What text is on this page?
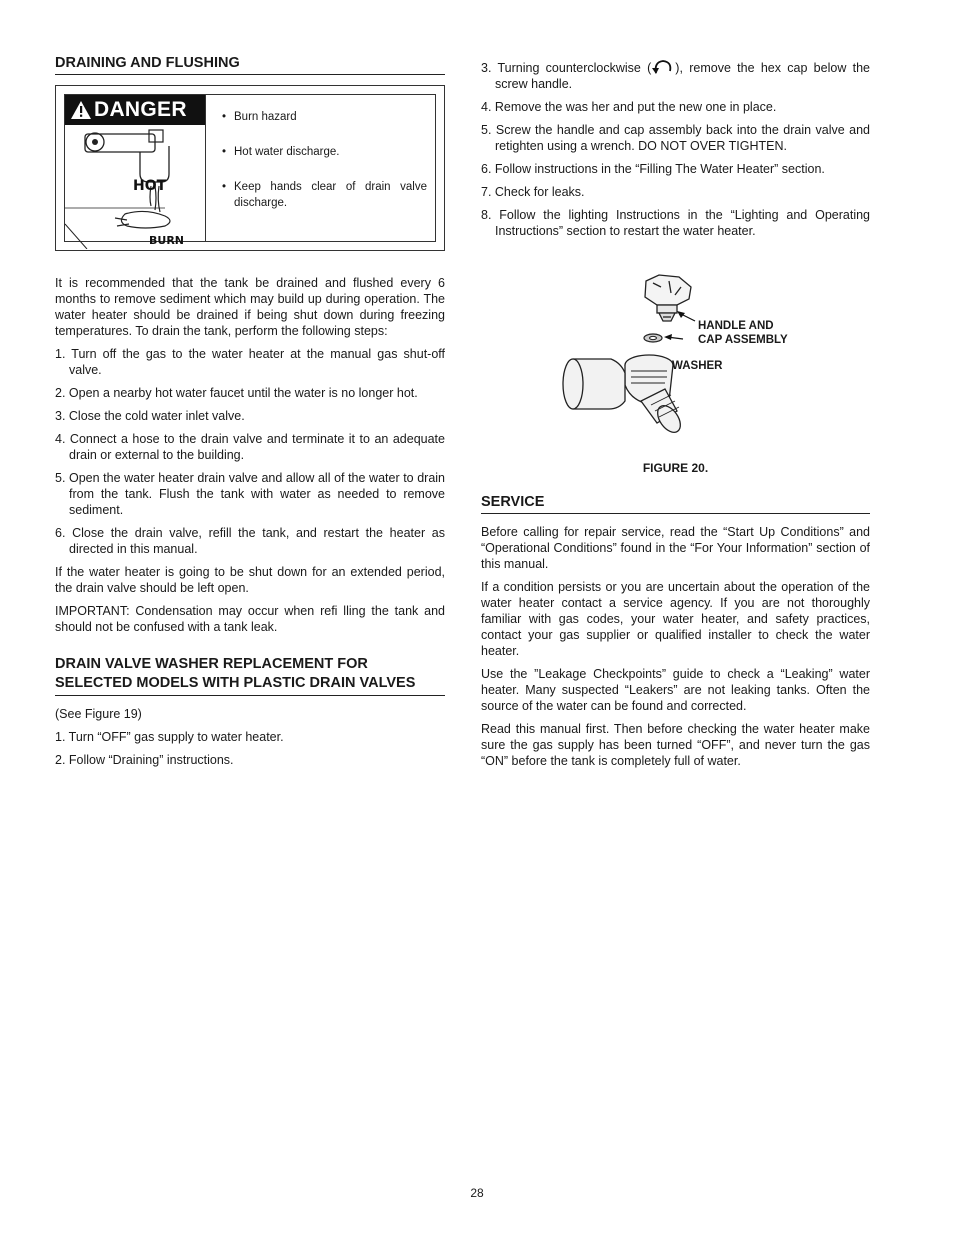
DRAINING AND FLUSHING
DANGER
HOT
BURN
• Burn hazard
• Hot water discharge.
• Keep hands clear of drain valve discharge.

It is recommended that the tank be drained and flushed every 6 months to remove sediment which may build up during operation. The water heater should be drained if being shut down during freezing temperatures. To drain the tank, perform the following steps:

1. Turn off the gas to the water heater at the manual gas shut-off valve.
2. Open a nearby hot water faucet until the water is no longer hot.
3. Close the cold water inlet valve.
4. Connect a hose to the drain valve and terminate it to an adequate drain or external to the building.
5. Open the water heater drain valve and allow all of the water to drain from the tank. Flush the tank with water as needed to remove sediment.
6. Close the drain valve, refill the tank, and restart the heater as directed in this manual.

If the water heater is going to be shut down for an extended period, the drain valve should be left open.

IMPORTANT: Condensation may occur when refi lling the tank and should not be confused with a tank leak.

DRAIN VALVE WASHER REPLACEMENT FOR SELECTED MODELS WITH PLASTIC DRAIN VALVES

(See Figure 19)

1. Turn “OFF” gas supply to water heater.
2. Follow “Draining” instructions.
3. Turning counterclockwise ( ), remove the hex cap below the screw handle.
4. Remove the was her and put the new one in place.
5. Screw the handle and cap assembly back into the drain valve and retighten using a wrench. DO NOT OVER TIGHTEN.
6. Follow instructions in the “Filling The Water Heater” section.
7. Check for leaks.
8. Follow the lighting Instructions in the “Lighting and Operating Instructions” section to restart the water heater.
HANDLE AND
CAP ASSEMBLY
WASHER
FIGURE 20.
SERVICE

Before calling for repair service, read the “Start Up Conditions” and “Operational Conditions” found in the “For Your Information” section of this manual.

If a condition persists or you are uncertain about the operation of the water heater contact a service agency. If you are not thoroughly familiar with gas codes, your water heater, and safety practices, contact your gas supplier or qualified installer to check the water heater.

Use the ”Leakage Checkpoints” guide to check a “Leaking” water heater. Many suspected “Leakers” are not leaking tanks. Often the source of the water can be found and corrected.

Read this manual first. Then before checking the water heater make sure the gas supply has been turned “OFF”, and never turn the gas “ON” before the tank is completely full of water.

28
